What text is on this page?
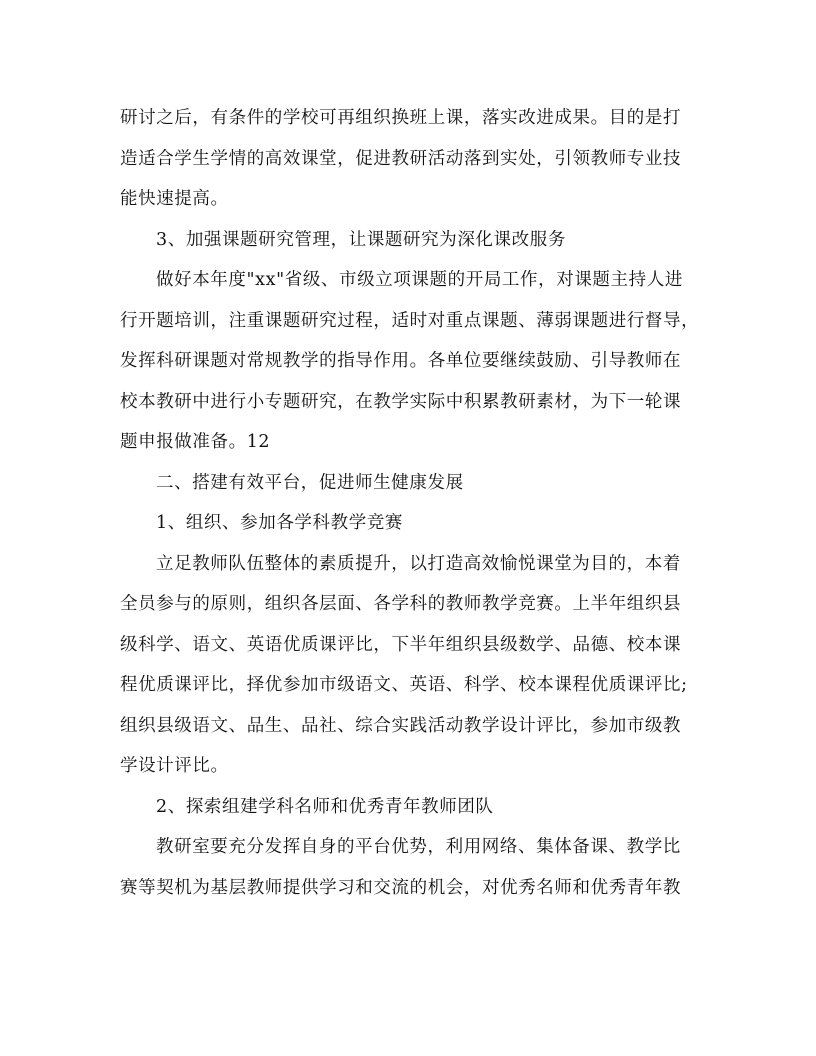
研讨之后，有条件的学校可再组织换班上课，落实改进成果。目的是打
造适合学生学情的高效课堂，促进教研活动落到实处，引领教师专业技
能快速提高。

3、加强课题研究管理，让课题研究为深化课改服务

做好本年度"xx"省级、市级立项课题的开局工作，对课题主持人进
行开题培训，注重课题研究过程，适时对重点课题、薄弱课题进行督导，
发挥科研课题对常规教学的指导作用。各单位要继续鼓励、引导教师在
校本教研中进行小专题研究，在教学实际中积累教研素材，为下一轮课
题申报做准备。12

二、搭建有效平台，促进师生健康发展

1、组织、参加各学科教学竞赛

立足教师队伍整体的素质提升，以打造高效愉悦课堂为目的，本着
全员参与的原则，组织各层面、各学科的教师教学竞赛。上半年组织县
级科学、语文、英语优质课评比，下半年组织县级数学、品德、校本课
程优质课评比，择优参加市级语文、英语、科学、校本课程优质课评比;
组织县级语文、品生、品社、综合实践活动教学设计评比，参加市级教
学设计评比。

2、探索组建学科名师和优秀青年教师团队

教研室要充分发挥自身的平台优势，利用网络、集体备课、教学比
赛等契机为基层教师提供学习和交流的机会，对优秀名师和优秀青年教
